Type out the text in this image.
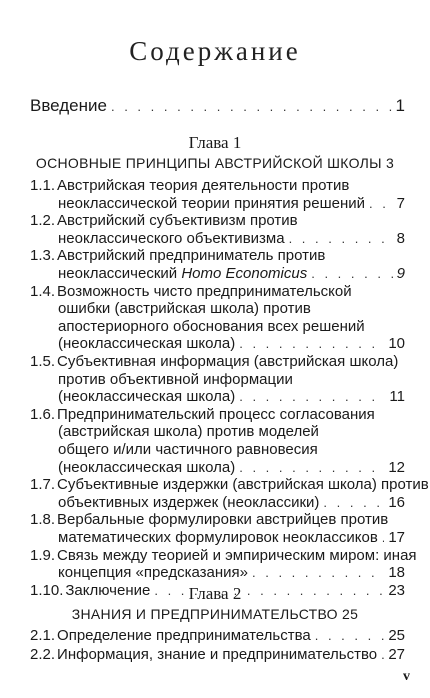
Содержание
Введение . . .	1
Глава 1
ОСНОВНЫЕ ПРИНЦИПЫ АВСТРИЙСКОЙ ШКОЛЫ 3
1.1. Австрийская теория деятельности против
неоклассической теории принятия решений . . . 7
1.2. Австрийский субъективизм против
неоклассического объективизма . . .	8
1.3. Австрийский предприниматель против
неоклассический Homo Economicus . . .	9
1.4. Возможность чисто предпринимательской
ошибки (австрийская школа) против
апостериорного обоснования всех решений
(неоклассическая школа) . . .	10
1.5. Субъективная информация (австрийская школа)
против объективной информации
(неоклассическая школа) . . .	11
1.6. Предпринимательский процесс согласования
(австрийская школа) против моделей
общего и/или частичного равновесия
(неоклассическая школа) . . .	12
1.7. Субъективные издержки (австрийская школа) против
объективных издержек (неоклассики) . . .	16
1.8. Вербальные формулировки австрийцев против
математических формулировок неоклассиков . . . 17
1.9. Связь между теорией и эмпирическим миром: иная
концепция «предсказания» . . .	18
1.10. Заключение . . .	23
Глава 2
ЗНАНИЯ И ПРЕДПРИНИМАТЕЛЬСТВО 25
2.1. Определение предпринимательства . . .	25
2.2. Информация, знание и предпринимательство . . . 27
v
